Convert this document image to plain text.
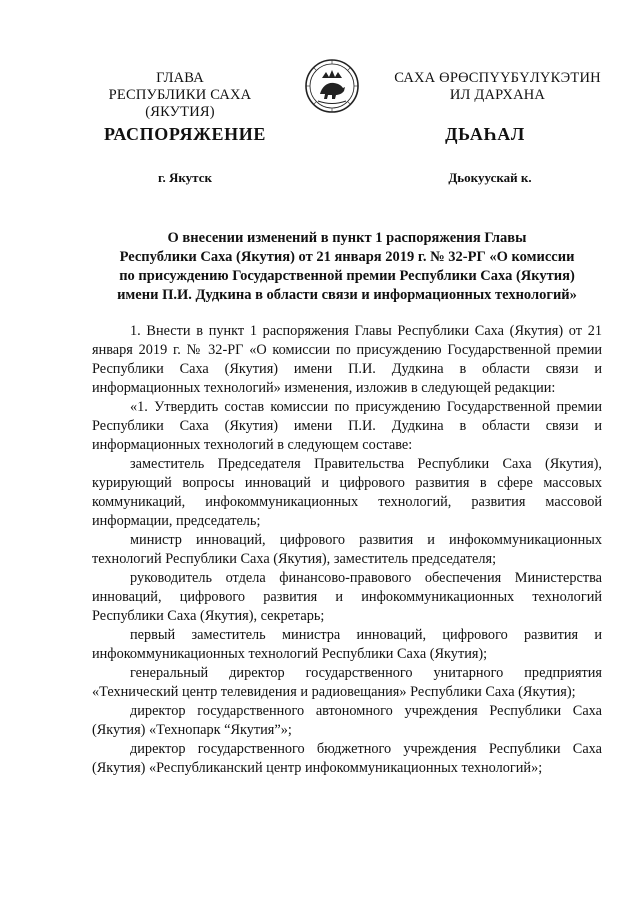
ГЛАВА
РЕСПУБЛИКИ САХА (ЯКУТИЯ)
САХА ӨРӨСПҮҮБҮЛҮКЭТИН
ИЛ ДАРХАНА
РАСПОРЯЖЕНИЕ	ДЬАҺАЛ
г. Якутск	Дьокуускай к.
О внесении изменений в пункт 1 распоряжения Главы
Республики Саха (Якутия) от 21 января 2019 г. № 32-РГ «О комиссии
по присуждению Государственной премии Республики Саха (Якутия)
имени П.И. Дудкина в области связи и информационных технологий»

1. Внести в пункт 1 распоряжения Главы Республики Саха (Якутия) от 21 января 2019 г. № 32-РГ «О комиссии по присуждению Государственной премии Республики Саха (Якутия) имени П.И. Дудкина в области связи и информационных технологий» изменения, изложив в следующей редакции:

«1. Утвердить состав комиссии по присуждению Государственной премии Республики Саха (Якутия) имени П.И. Дудкина в области связи и информационных технологий в следующем составе:

заместитель Председателя Правительства Республики Саха (Якутия), курирующий вопросы инноваций и цифрового развития в сфере массовых коммуникаций, инфокоммуникационных технологий, развития массовой информации, председатель;

министр инноваций, цифрового развития и инфокоммуникационных технологий Республики Саха (Якутия), заместитель председателя;

руководитель отдела финансово-правового обеспечения Министерства инноваций, цифрового развития и инфокоммуникационных технологий Республики Саха (Якутия), секретарь;

первый заместитель министра инноваций, цифрового развития и инфокоммуникационных технологий Республики Саха (Якутия);

генеральный директор государственного унитарного предприятия «Технический центр телевидения и радиовещания» Республики Саха (Якутия);

директор государственного автономного учреждения Республики Саха (Якутия) «Технопарк “Якутия”»;

директор государственного бюджетного учреждения Республики Саха (Якутия) «Республиканский центр инфокоммуникационных технологий»;
